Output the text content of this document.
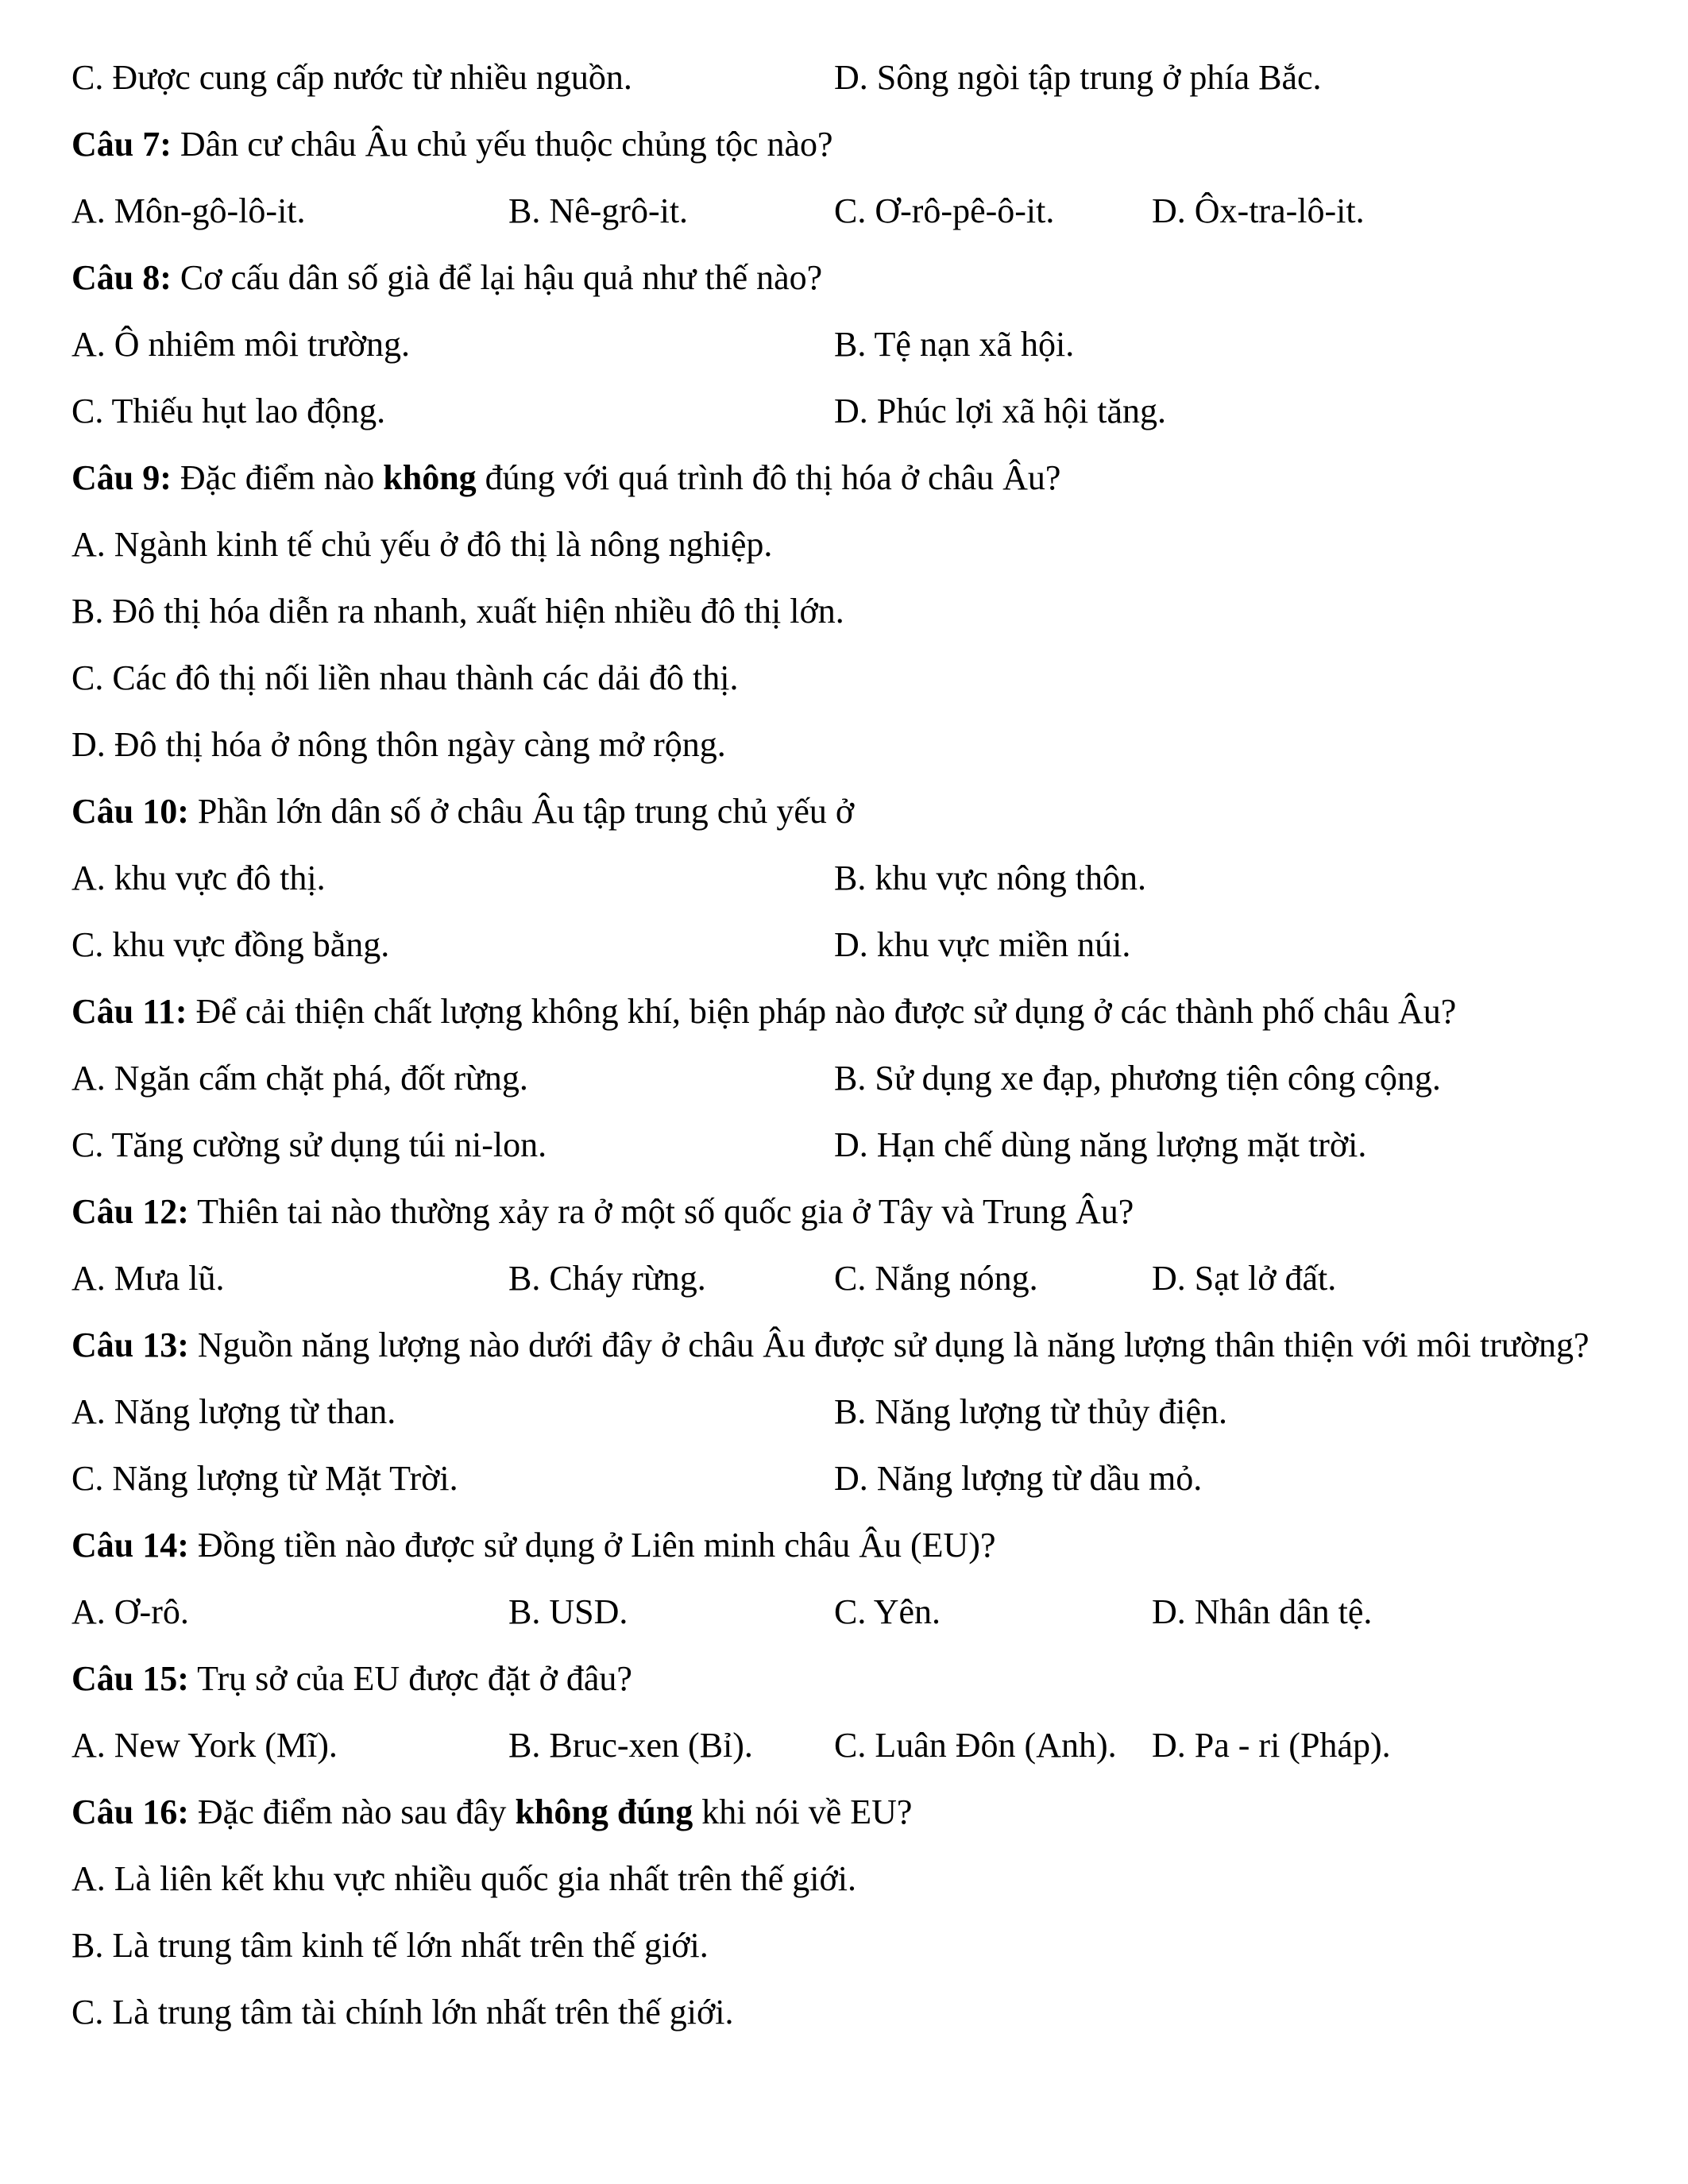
C. Được cung cấp nước từ nhiều nguồn.	D. Sông ngòi tập trung ở phía Bắc.

Câu 7: Dân cư châu Âu chủ yếu thuộc chủng tộc nào?

A. Môn-gô-lô-it.	B. Nê-grô-it.	C. Ơ-rô-pê-ô-it.	D. Ôx-tra-lô-it.

Câu 8: Cơ cấu dân số già để lại hậu quả như thế nào?

A. Ô nhiêm môi trường.	B. Tệ nạn xã hội.
C. Thiếu hụt lao động.	D. Phúc lợi xã hội tăng.

Câu 9: Đặc điểm nào không đúng với quá trình đô thị hóa ở châu Âu?

A. Ngành kinh tế chủ yếu ở đô thị là nông nghiệp.
B. Đô thị hóa diễn ra nhanh, xuất hiện nhiều đô thị lớn.
C. Các đô thị nối liền nhau thành các dải đô thị.
D. Đô thị hóa ở nông thôn ngày càng mở rộng.

Câu 10: Phần lớn dân số ở châu Âu tập trung chủ yếu ở

A. khu vực đô thị.	B. khu vực nông thôn.
C. khu vực đồng bằng.	D. khu vực miền núi.

Câu 11: Để cải thiện chất lượng không khí, biện pháp nào được sử dụng ở các thành phố châu Âu?

A. Ngăn cấm chặt phá, đốt rừng.	B. Sử dụng xe đạp, phương tiện công cộng.
C. Tăng cường sử dụng túi ni-lon.	D. Hạn chế dùng năng lượng mặt trời.

Câu 12: Thiên tai nào thường xảy ra ở một số quốc gia ở Tây và Trung Âu?

A. Mưa lũ.	B. Cháy rừng.	C. Nắng nóng.	D. Sạt lở đất.

Câu 13: Nguồn năng lượng nào dưới đây ở châu Âu được sử dụng là năng lượng thân thiện với môi trường?

A. Năng lượng từ than.	B. Năng lượng từ thủy điện.
C. Năng lượng từ Mặt Trời.	D. Năng lượng từ dầu mỏ.

Câu 14: Đồng tiền nào được sử dụng ở Liên minh châu Âu (EU)?

A. Ơ-rô.	B. USD.	C. Yên.	D. Nhân dân tệ.

Câu 15: Trụ sở của EU được đặt ở đâu?

A. New York (Mĩ).	B. Bruc-xen (Bỉ).	C. Luân Đôn (Anh).	D. Pa - ri (Pháp).

Câu 16: Đặc điểm nào sau đây không đúng khi nói về EU?

A. Là liên kết khu vực nhiều quốc gia nhất trên thế giới.
B. Là trung tâm kinh tế lớn nhất trên thế giới.
C. Là trung tâm tài chính lớn nhất trên thế giới.
